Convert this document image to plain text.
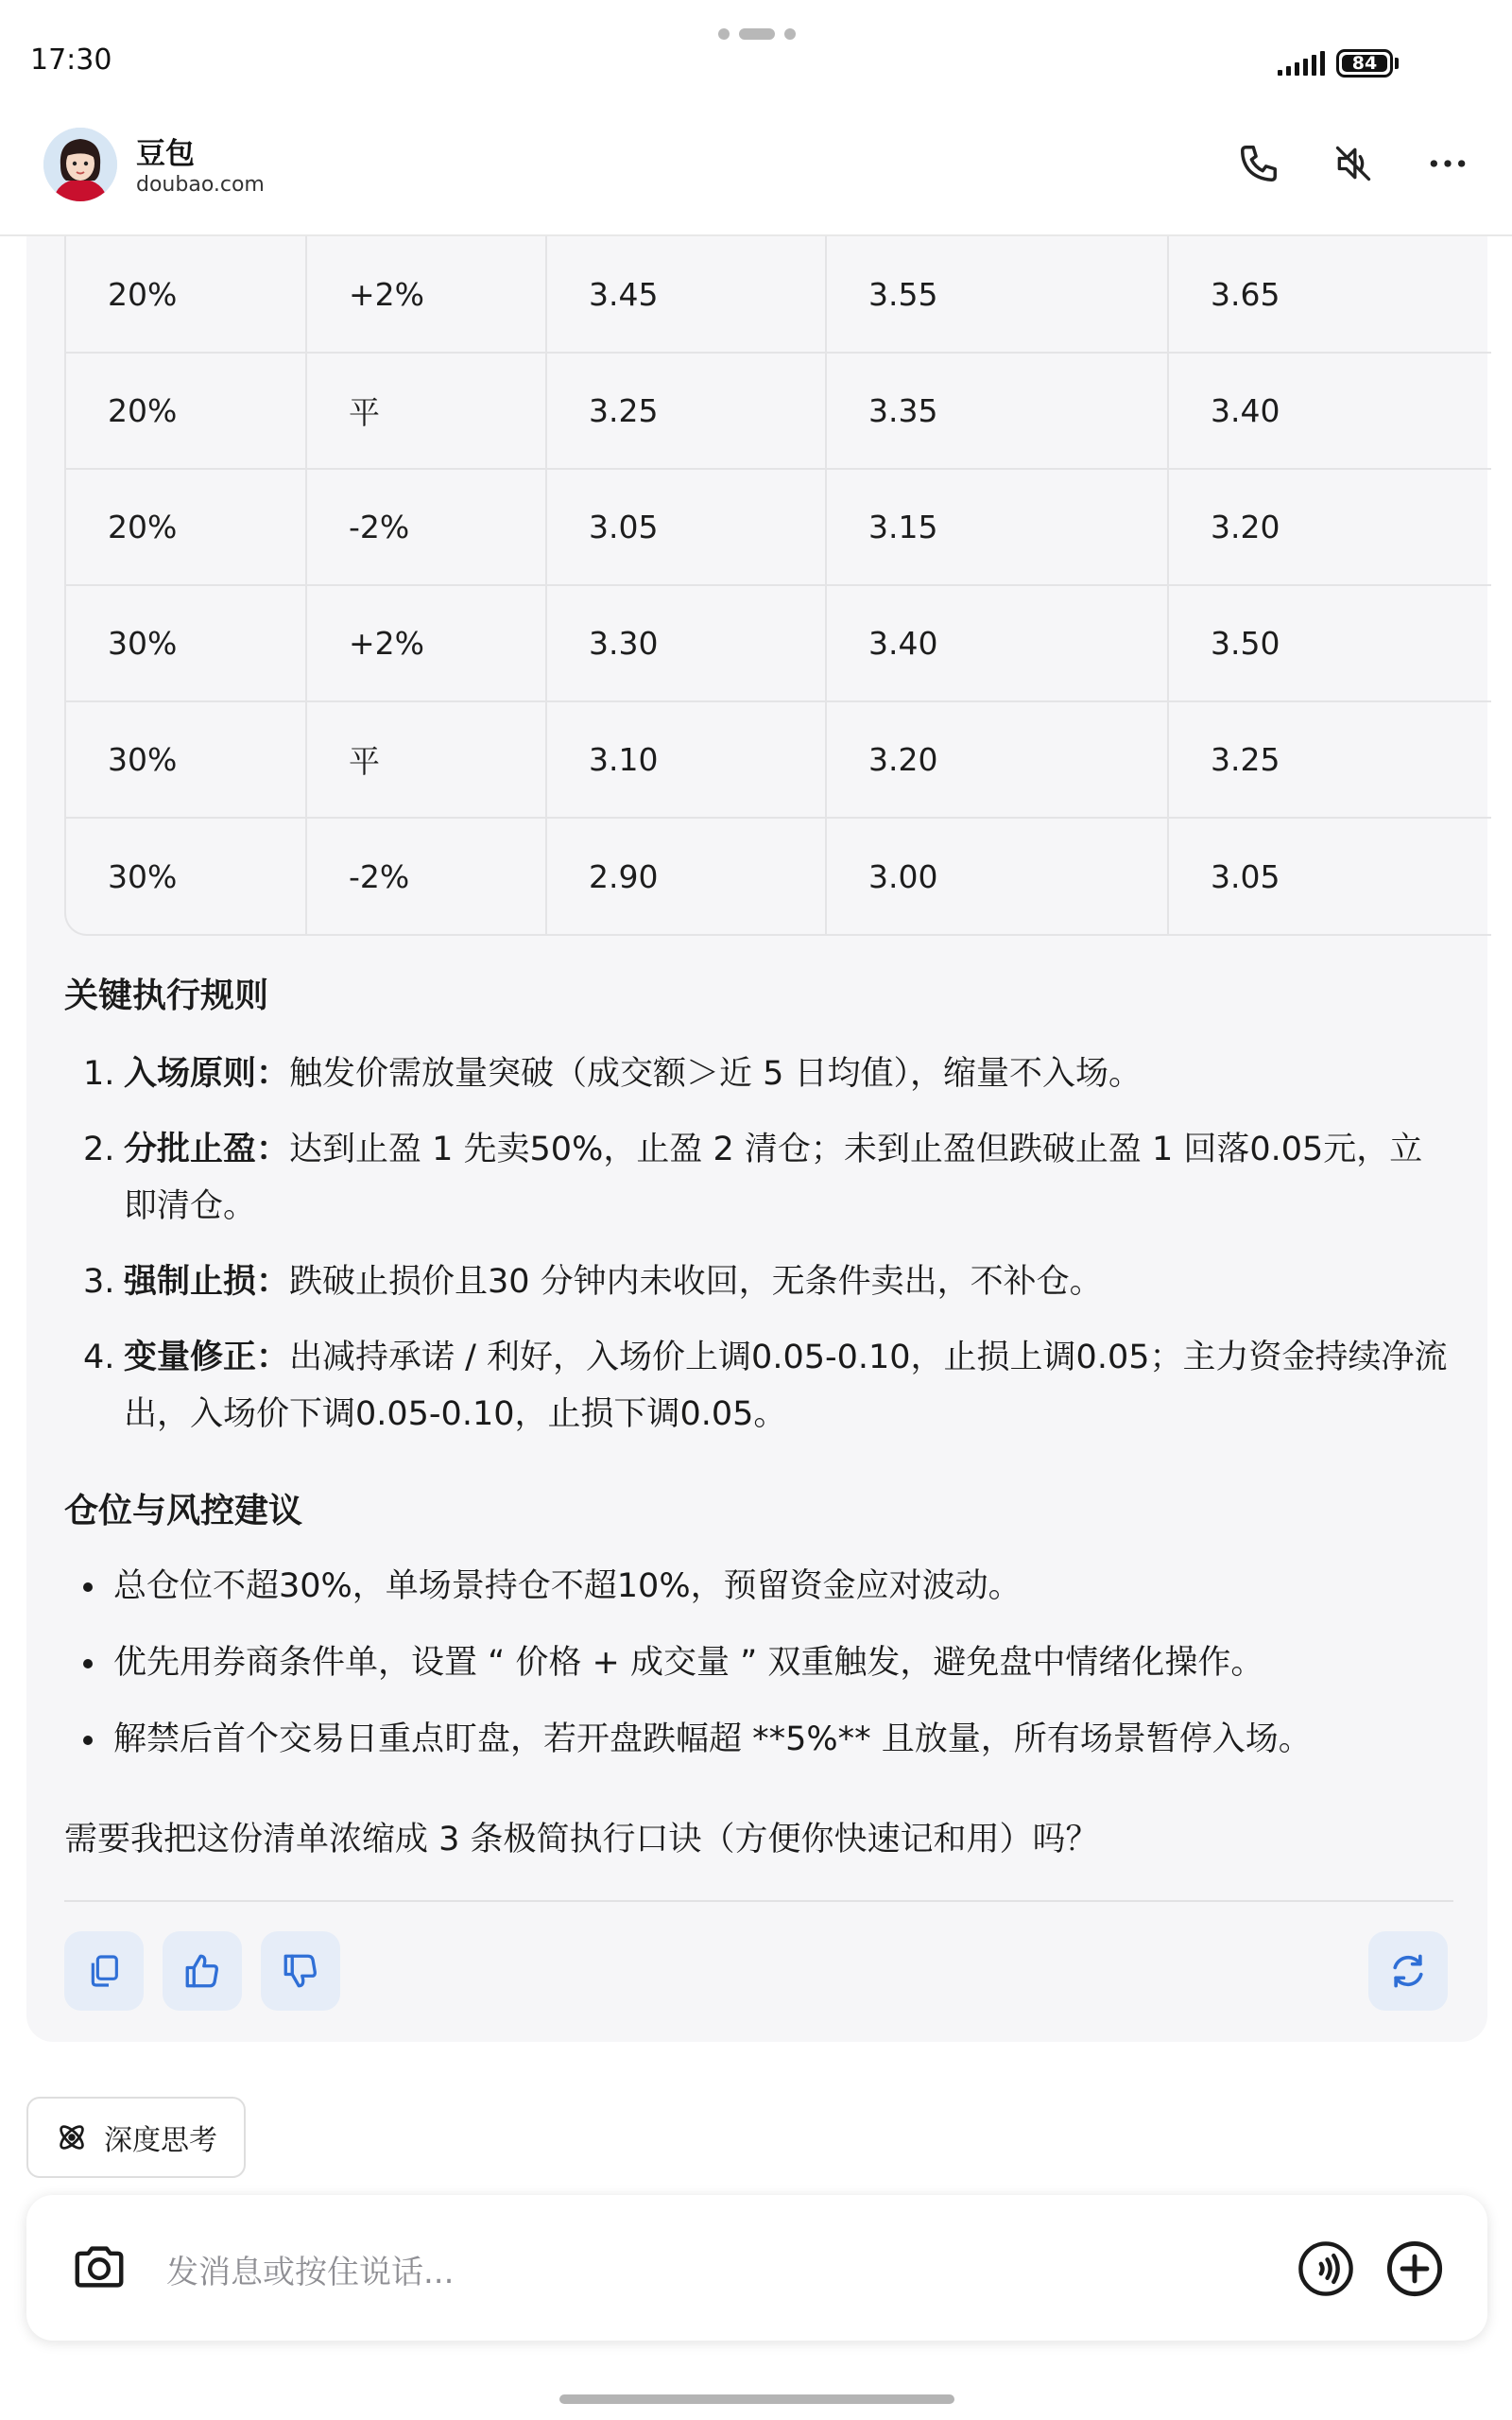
17:30	84
豆包
doubao.com
20%	+2%	3.45	3.55	3.65
20%	平	3.25	3.35	3.40
20%	-2%	3.05	3.15	3.20
30%	+2%	3.30	3.40	3.50
30%	平	3.10	3.20	3.25
30%	-2%	2.90	3.00	3.05
关键执行规则
1. 入场原则：触发价需放量突破（成交额＞近 5 日均值），缩量不入场。
2. 分批止盈：达到止盈 1 先卖50%，止盈 2 清仓；未到止盈但跌破止盈 1 回落0.05元，立即清仓。
3. 强制止损：跌破止损价且30 分钟内未收回，无条件卖出，不补仓。
4. 变量修正：出减持承诺 / 利好，入场价上调0.05-0.10，止损上调0.05；主力资金持续净流出，入场价下调0.05-0.10，止损下调0.05。
仓位与风控建议
总仓位不超30%，单场景持仓不超10%，预留资金应对波动。
优先用券商条件单，设置 “ 价格 + 成交量 ” 双重触发，避免盘中情绪化操作。
解禁后首个交易日重点盯盘，若开盘跌幅超 **5%** 且放量，所有场景暂停入场。
需要我把这份清单浓缩成 3 条极简执行口诀（方便你快速记和用）吗？
深度思考
发消息或按住说话...
